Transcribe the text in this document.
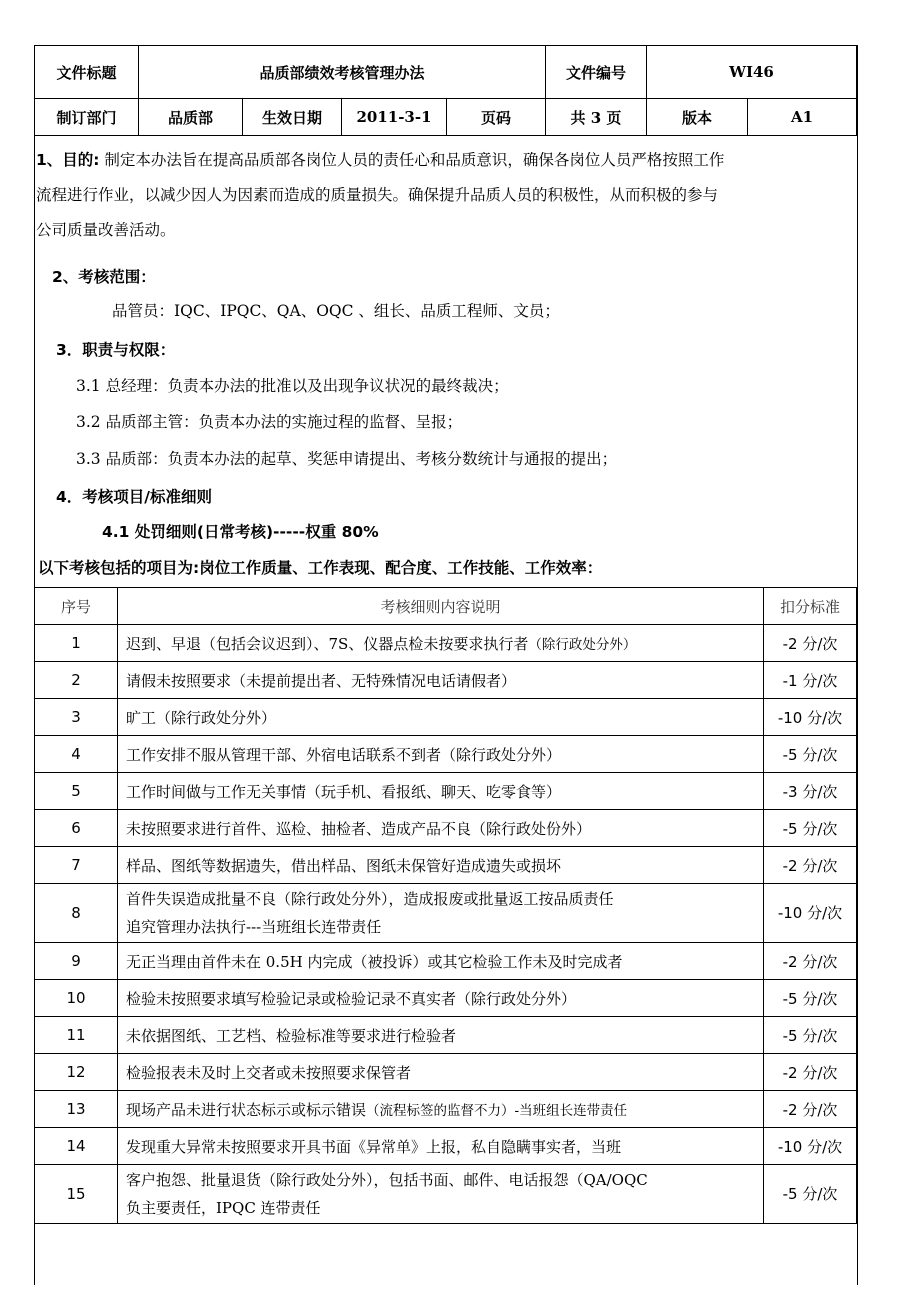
文件标题	品质部绩效考核管理办法				文件编号	WI46	
制订部门	品质部	生效日期	2011-3-1	页码	共 3 页	版本	A1
1、目的: 制定本办法旨在提高品质部各岗位人员的责任心和品质意识，确保各岗位人员严格按照工作
流程进行作业，以减少因人为因素而造成的质量损失。确保提升品质人员的积极性，从而积极的参与
公司质量改善活动。
2、考核范围：
品管员：IQC、IPQC、QA、OQC 、组长、品质工程师、文员；
3．职责与权限：
3.1 总经理：负责本办法的批准以及出现争议状况的最终裁决；
3.2 品质部主管：负责本办法的实施过程的监督、呈报；
3.3 品质部：负责本办法的起草、奖惩申请提出、考核分数统计与通报的提出；
4．考核项目/标准细则
4.1 处罚细则(日常考核)-----权重 80%
以下考核包括的项目为:岗位工作质量、工作表现、配合度、工作技能、工作效率：
序号	考核细则内容说明	扣分标准
1	迟到、早退（包括会议迟到）、7S、仪器点检未按要求执行者（除行政处分外）	-2 分/次
2	请假未按照要求（未提前提出者、无特殊情况电话请假者）	-1 分/次
3	旷工（除行政处分外）	-10 分/次
4	工作安排不服从管理干部、外宿电话联系不到者（除行政处分外）	-5 分/次
5	工作时间做与工作无关事情（玩手机、看报纸、聊天、吃零食等）	-3 分/次
6	未按照要求进行首件、巡检、抽检者、造成产品不良（除行政处份外）	-5 分/次
7	样品、图纸等数据遗失，借出样品、图纸未保管好造成遗失或损坏	-2 分/次
8	首件失误造成批量不良（除行政处分外），造成报废或批量返工按品质责任
追究管理办法执行---当班组长连带责任	-10 分/次
9	无正当理由首件未在 0.5H 内完成（被投诉）或其它检验工作未及时完成者	-2 分/次
10	检验未按照要求填写检验记录或检验记录不真实者（除行政处分外）	-5 分/次
11	未依据图纸、工艺档、检验标准等要求进行检验者	-5 分/次
12	检验报表未及时上交者或未按照要求保管者	-2 分/次
13	现场产品未进行状态标示或标示错误（流程标签的监督不力）-当班组长连带责任	-2 分/次
14	发现重大异常未按照要求开具书面《异常单》上报，私自隐瞒事实者，当班	-10 分/次
15	客户抱怨、批量退货（除行政处分外），包括书面、邮件、电话报怨（QA/OQC
负主要责任，IPQC 连带责任	-5 分/次
